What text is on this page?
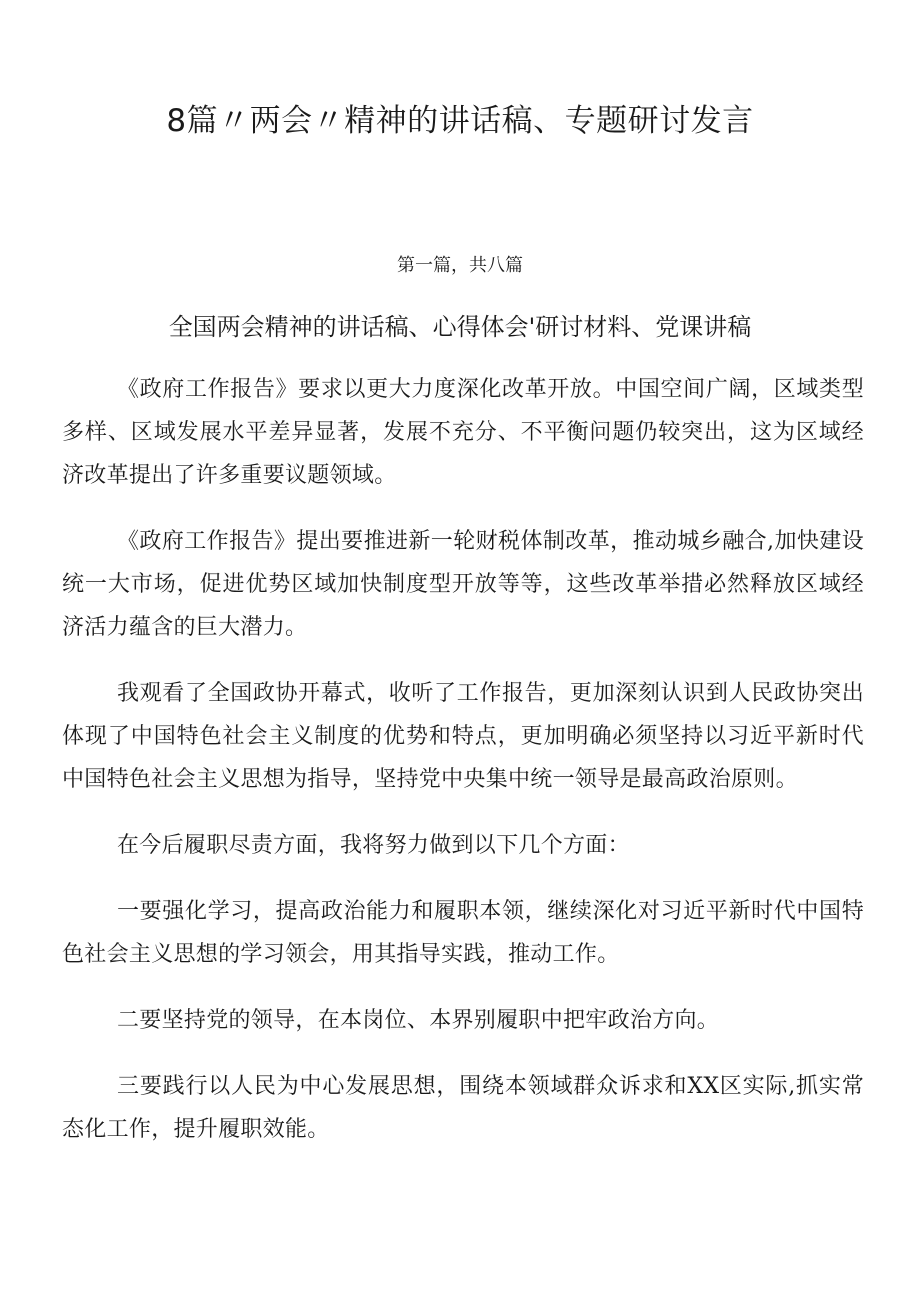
8篇〃两会〃精神的讲话稿、专题研讨发言
第一篇，共八篇
全国两会精神的讲话稿、心得体会'研讨材料、党课讲稿

《政府工作报告》要求以更大力度深化改革开放。中国空间广阔，区域类型多样、区域发展水平差异显著，发展不充分、不平衡问题仍较突出，这为区域经济改革提出了许多重要议题领域。

《政府工作报告》提出要推进新一轮财税体制改革，推动城乡融合,加快建设统一大市场，促进优势区域加快制度型开放等等，这些改革举措必然释放区域经济活力蕴含的巨大潜力。

我观看了全国政协开幕式，收听了工作报告，更加深刻认识到人民政协突出体现了中国特色社会主义制度的优势和特点，更加明确必须坚持以习近平新时代中国特色社会主义思想为指导，坚持党中央集中统一领导是最高政治原则。

在今后履职尽责方面，我将努力做到以下几个方面：

一要强化学习，提高政治能力和履职本领，继续深化对习近平新时代中国特色社会主义思想的学习领会，用其指导实践，推动工作。

二要坚持党的领导，在本岗位、本界别履职中把牢政治方向。

三要践行以人民为中心发展思想，围绕本领域群众诉求和XX区实际,抓实常态化工作，提升履职效能。
